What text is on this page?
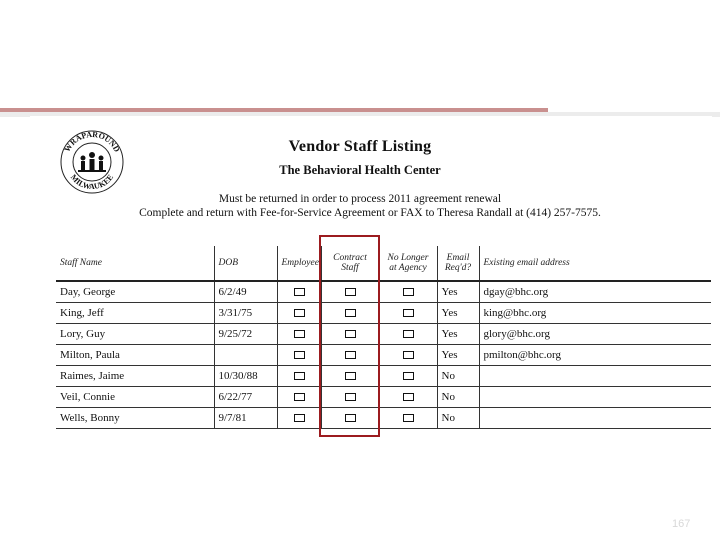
WRAPAROUND
MILWAUKEE
Vendor Staff Listing
The Behavioral Health Center
Must be returned in order to process 2011 agreement renewal
Complete and return with Fee-for-Service Agreement or FAX to Theresa Randall at (414) 257-7575.
Staff Name	DOB	Employee	Contract Staff	No Longer at Agency	Email Req'd?	Existing email address
Day, George	6/2/49				Yes	dgay@bhc.org
King, Jeff	3/31/75				Yes	king@bhc.org
Lory, Guy	9/25/72				Yes	glory@bhc.org
Milton, Paula					Yes	pmilton@bhc.org
Raimes, Jaime	10/30/88				No	
Veil, Connie	6/22/77				No	
Wells, Bonny	9/7/81				No	
167
